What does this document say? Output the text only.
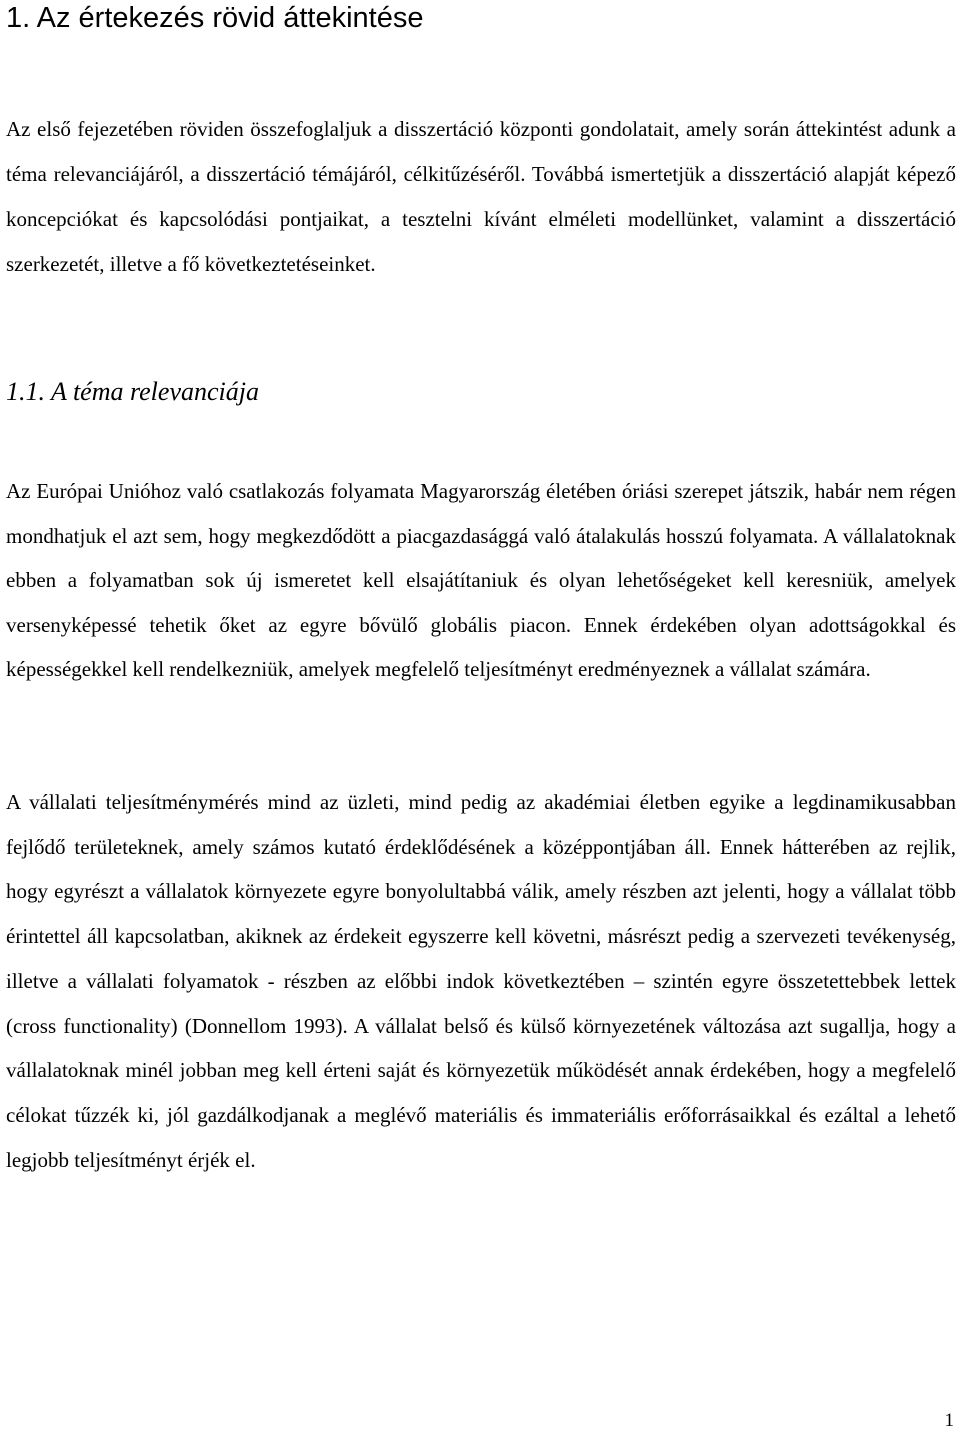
1. Az értekezés rövid áttekintése

Az első fejezetében röviden összefoglaljuk a disszertáció központi gondolatait, amely során áttekintést adunk a téma relevanciájáról, a disszertáció témájáról, célkitűzéséről. Továbbá ismertetjük a disszertáció alapját képező koncepciókat és kapcsolódási pontjaikat, a tesztelni kívánt elméleti modellünket, valamint a disszertáció szerkezetét, illetve a fő következtetéseinket.

1.1. A téma relevanciája

Az Európai Unióhoz való csatlakozás folyamata Magyarország életében óriási szerepet játszik, habár nem régen mondhatjuk el azt sem, hogy megkezdődött a piacgazdasággá való átalakulás hosszú folyamata. A vállalatoknak ebben a folyamatban sok új ismeretet kell elsajátítaniuk és olyan lehetőségeket kell keresniük, amelyek versenyképessé tehetik őket az egyre bővülő globális piacon. Ennek érdekében olyan adottságokkal és képességekkel kell rendelkezniük, amelyek megfelelő teljesítményt eredményeznek a vállalat számára.

A vállalati teljesítménymérés mind az üzleti, mind pedig az akadémiai életben egyike a legdinamikusabban fejlődő területeknek, amely számos kutató érdeklődésének a középpontjában áll. Ennek hátterében az rejlik, hogy egyrészt a vállalatok környezete egyre bonyolultabbá válik, amely részben azt jelenti, hogy a vállalat több érintettel áll kapcsolatban, akiknek az érdekeit egyszerre kell követni, másrészt pedig a szervezeti tevékenység, illetve a vállalati folyamatok - részben az előbbi indok következtében – szintén egyre összetettebbek lettek (cross functionality) (Donnellom 1993). A vállalat belső és külső környezetének változása azt sugallja, hogy a vállalatoknak minél jobban meg kell érteni saját és környezetük működését annak érdekében, hogy a megfelelő célokat tűzzék ki, jól gazdálkodjanak a meglévő materiális és immateriális erőforrásaikkal és ezáltal a lehető legjobb teljesítményt érjék el.

1
